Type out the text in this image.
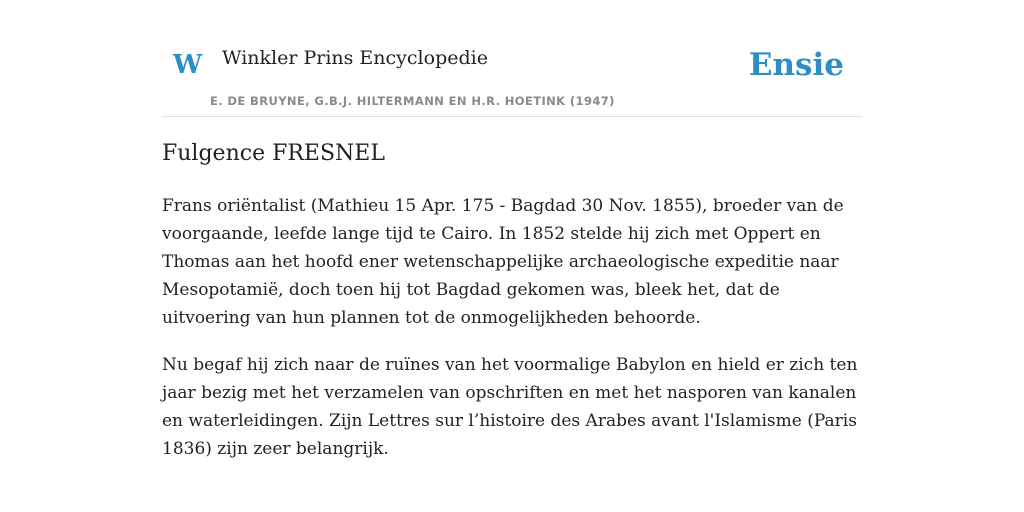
W Winkler Prins Encyclopedie
E. DE BRUYNE, G.B.J. HILTERMANN EN H.R. HOETINK (1947)
Ensie
Fulgence FRESNEL

Frans oriëntalist (Mathieu 15 Apr. 175 - Bagdad 30 Nov. 1855), broeder van de voorgaande, leefde lange tijd te Cairo. In 1852 stelde hij zich met Oppert en Thomas aan het hoofd ener wetenschappelijke archaeologische expeditie naar Mesopotamië, doch toen hij tot Bagdad gekomen was, bleek het, dat de uitvoering van hun plannen tot de onmogelijkheden behoorde.

Nu begaf hij zich naar de ruïnes van het voormalige Babylon en hield er zich ten jaar bezig met het verzamelen van opschriften en met het nasporen van kanalen en waterleidingen. Zijn Lettres sur l’histoire des Arabes avant l'Islamisme (Paris 1836) zijn zeer belangrijk.
